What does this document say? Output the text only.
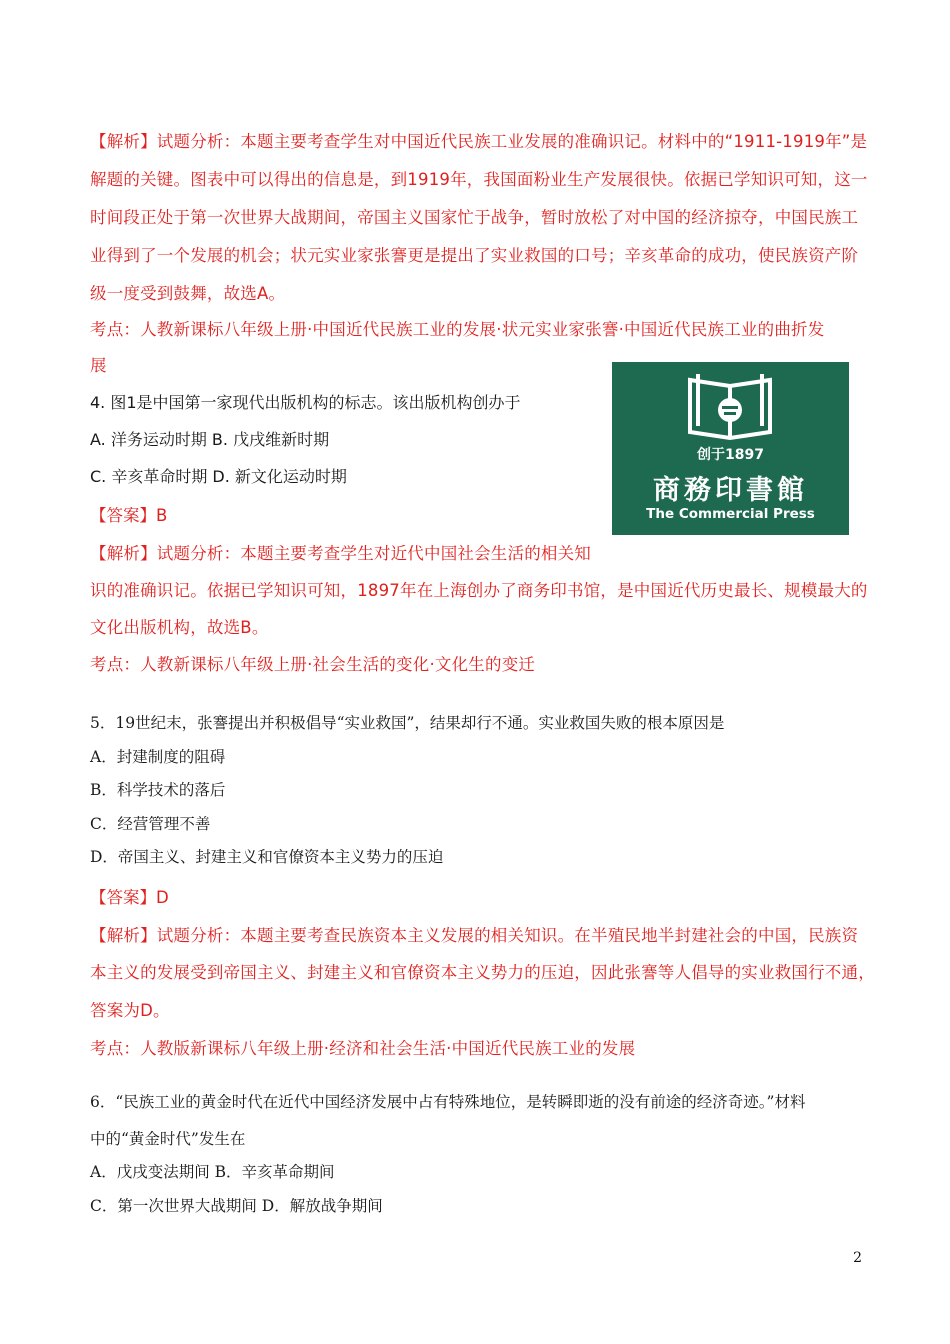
【解析】试题分析：本题主要考查学生对中国近代民族工业发展的准确识记。材料中的“1911-1919年”是
解题的关键。图表中可以得出的信息是，到1919年，我国面粉业生产发展很快。依据已学知识可知，这一
时间段正处于第一次世界大战期间，帝国主义国家忙于战争，暂时放松了对中国的经济掠夺，中国民族工
业得到了一个发展的机会；状元实业家张謇更是提出了实业救国的口号；辛亥革命的成功，使民族资产阶
级一度受到鼓舞，故选A。
考点：人教新课标八年级上册·中国近代民族工业的发展·状元实业家张謇·中国近代民族工业的曲折发
展
4. 图1是中国第一家现代出版机构的标志。该出版机构创办于
A. 洋务运动时期 B. 戊戌维新时期
C. 辛亥革命时期 D. 新文化运动时期
【答案】B
【解析】试题分析：本题主要考查学生对近代中国社会生活的相关知
识的准确识记。依据已学知识可知，1897年在上海创办了商务印书馆，是中国近代历史最长、规模最大的
文化出版机构，故选B。
考点：人教新课标八年级上册·社会生活的变化·文化生的变迁
创于1897
商務印書館
The Commercial Press
5．19世纪末，张謇提出并积极倡导“实业救国”，结果却行不通。实业救国失败的根本原因是
A．封建制度的阻碍
B．科学技术的落后
C．经营管理不善
D．帝国主义、封建主义和官僚资本主义势力的压迫
【答案】D
【解析】试题分析：本题主要考查民族资本主义发展的相关知识。在半殖民地半封建社会的中国，民族资
本主义的发展受到帝国主义、封建主义和官僚资本主义势力的压迫，因此张謇等人倡导的实业救国行不通，
答案为D。
考点：人教版新课标八年级上册·经济和社会生活·中国近代民族工业的发展
6．“民族工业的黄金时代在近代中国经济发展中占有特殊地位，是转瞬即逝的没有前途的经济奇迹。”材料
中的“黄金时代”发生在
A．戊戌变法期间 B．辛亥革命期间
C．第一次世界大战期间 D．解放战争期间
2
